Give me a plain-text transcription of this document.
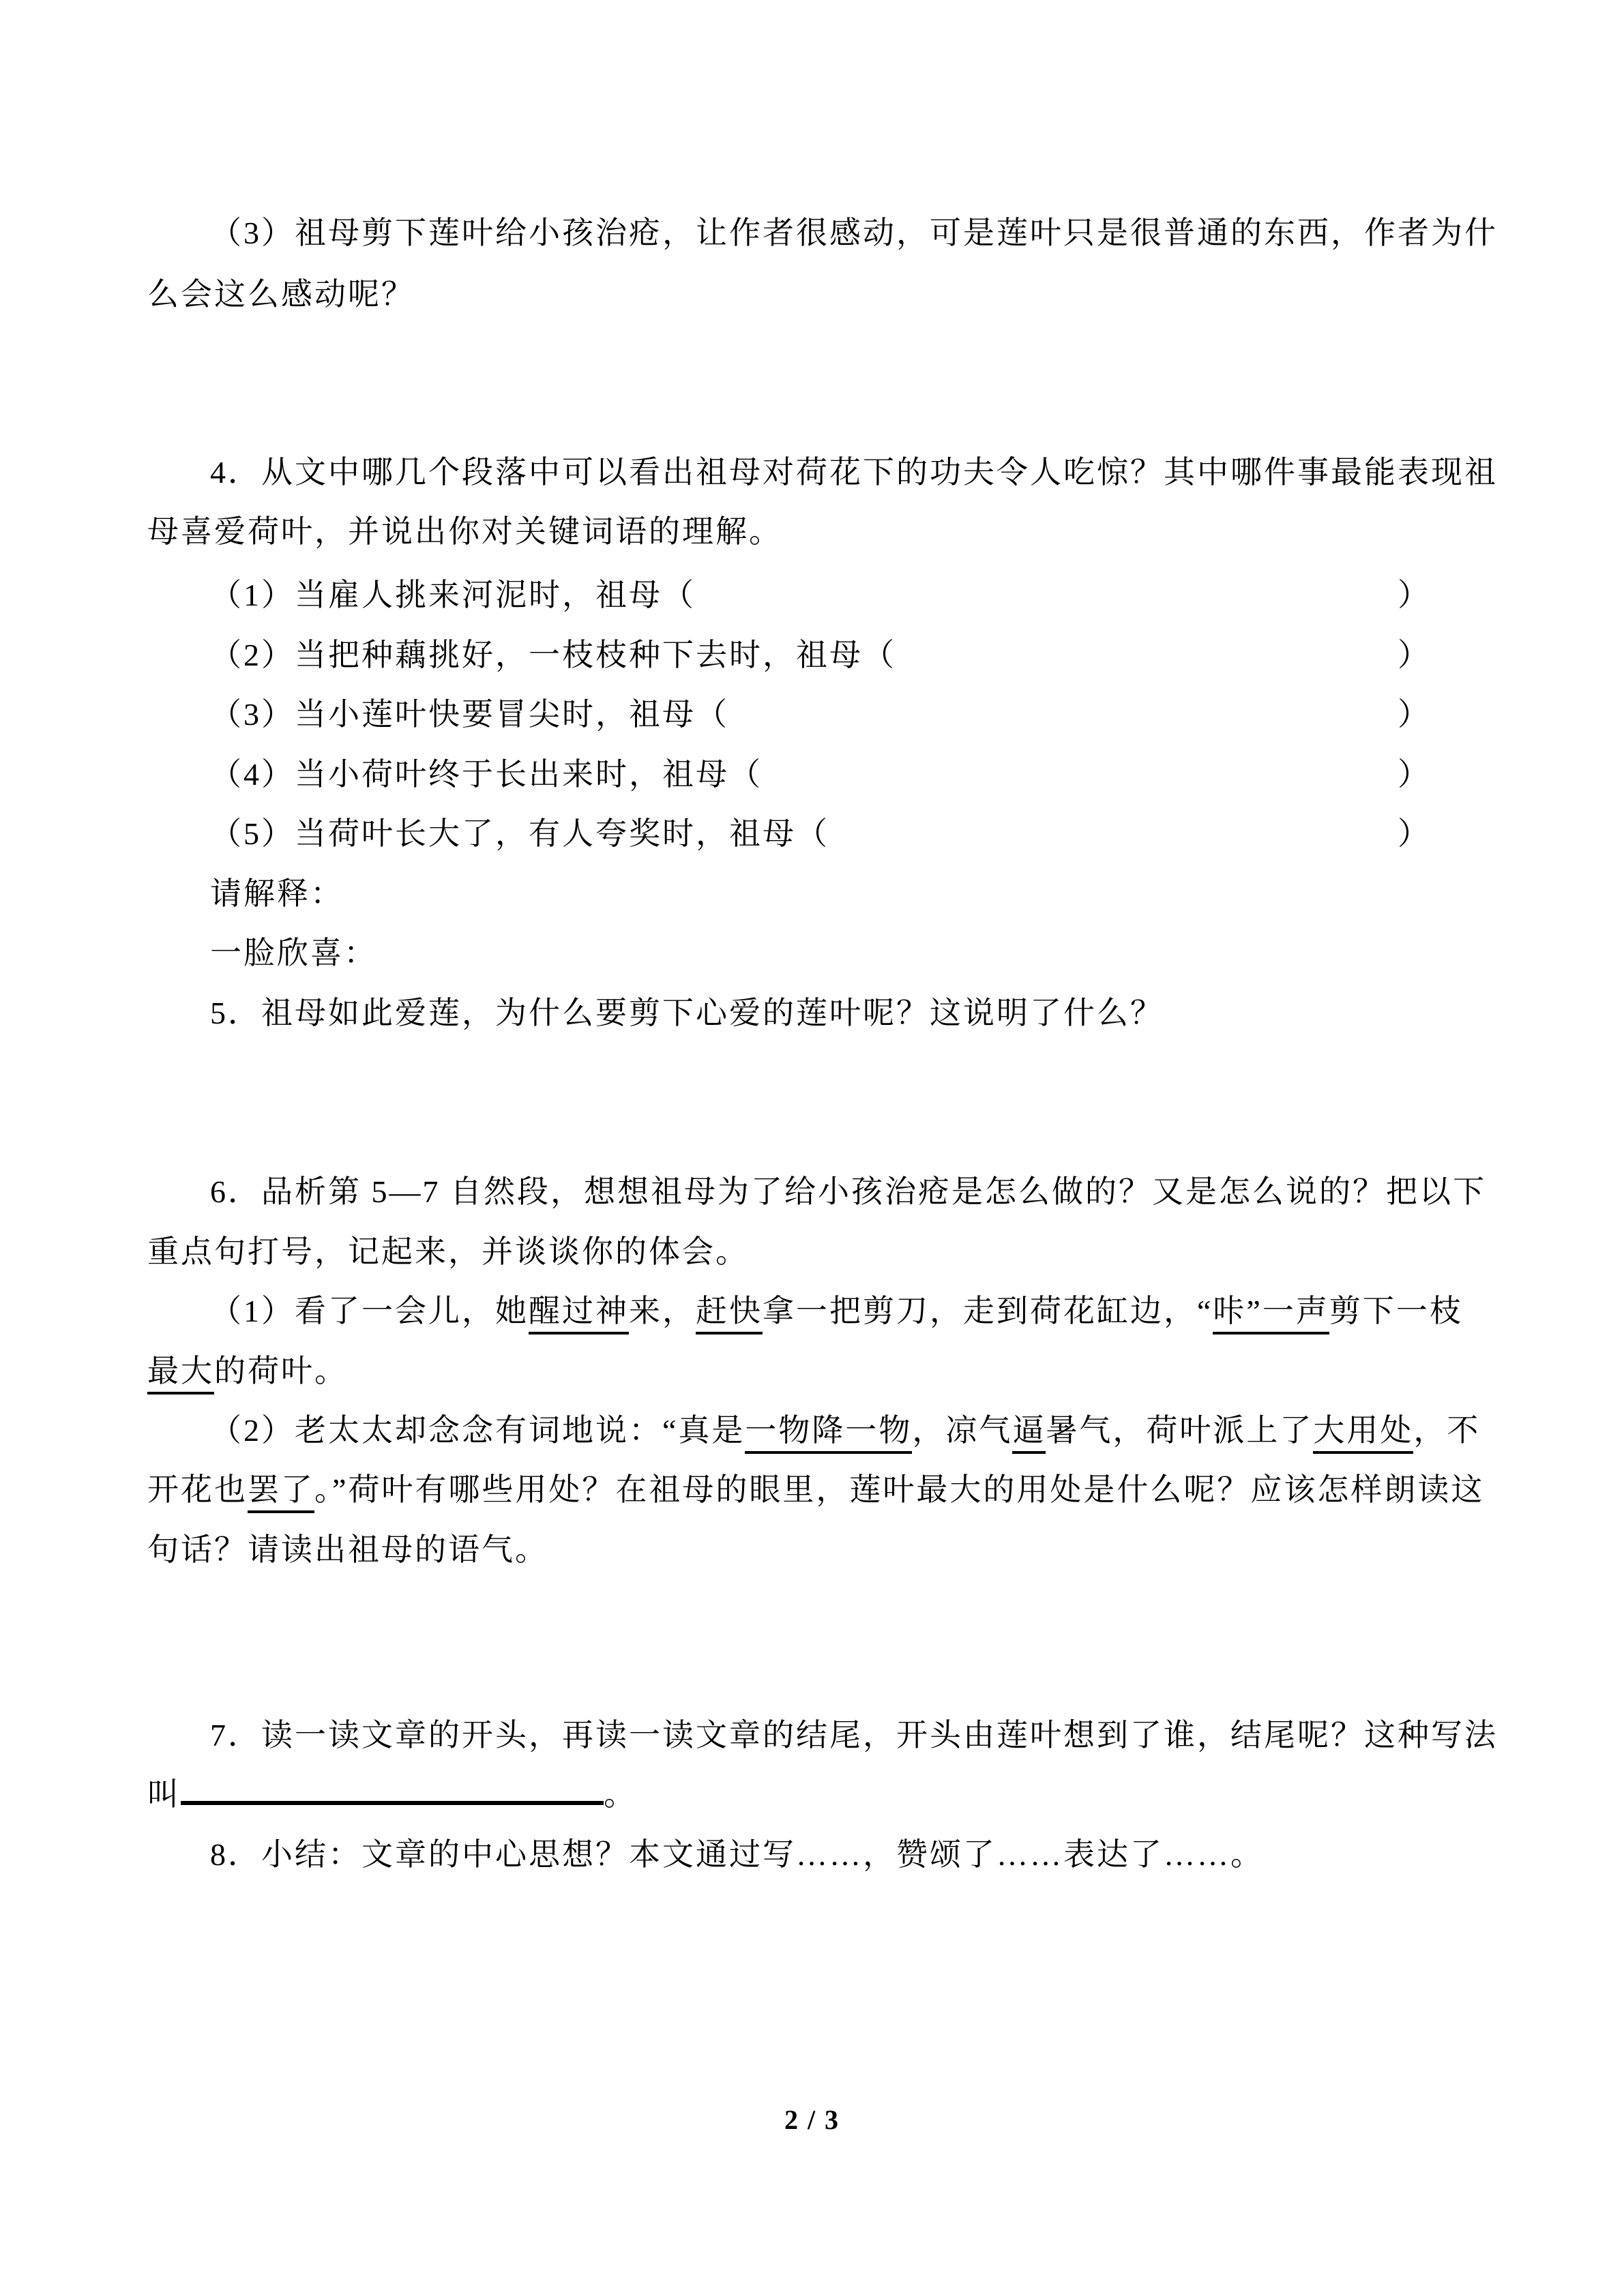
（3）祖母剪下莲叶给小孩治疮，让作者很感动，可是莲叶只是很普通的东西，作者为什
么会这么感动呢？
4．从文中哪几个段落中可以看出祖母对荷花下的功夫令人吃惊？其中哪件事最能表现祖
母喜爱荷叶，并说出你对关键词语的理解。
（1）当雇人挑来河泥时，祖母（	）
（2）当把种藕挑好，一枝枝种下去时，祖母（	）
（3）当小莲叶快要冒尖时，祖母（	）
（4）当小荷叶终于长出来时，祖母（	）
（5）当荷叶长大了，有人夸奖时，祖母（	）
请解释：
一脸欣喜：
5．祖母如此爱莲，为什么要剪下心爱的莲叶呢？这说明了什么？
6．品析第 5—7 自然段，想想祖母为了给小孩治疮是怎么做的？又是怎么说的？把以下
重点句打号，记起来，并谈谈你的体会。
（1）看了一会儿，她醒过神来，赶快拿一把剪刀，走到荷花缸边，“咔”一声剪下一枝
最大的荷叶。
（2）老太太却念念有词地说：“真是一物降一物，凉气逼暑气，荷叶派上了大用处，不
开花也罢了。”荷叶有哪些用处？在祖母的眼里，莲叶最大的用处是什么呢？应该怎样朗读这
句话？请读出祖母的语气。
7．读一读文章的开头，再读一读文章的结尾，开头由莲叶想到了谁，结尾呢？这种写法
叫	。
8．小结：文章的中心思想？本文通过写……，赞颂了……表达了……。
2 / 3
